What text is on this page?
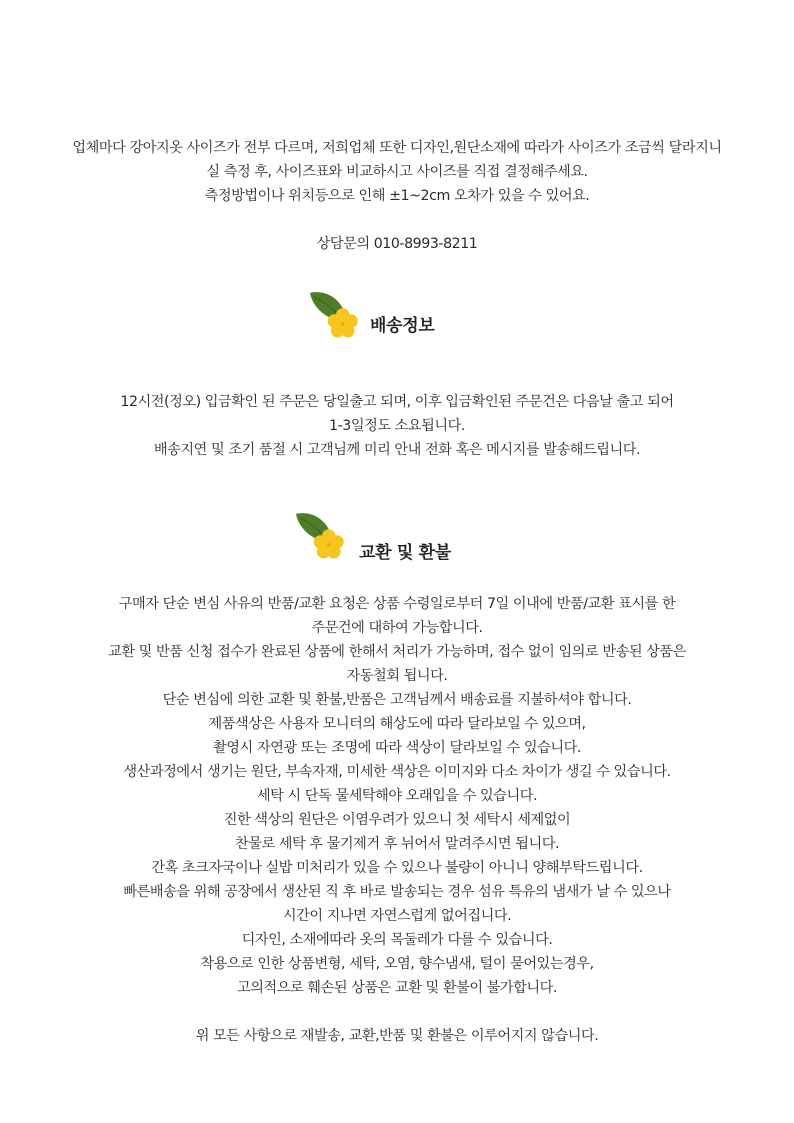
업체마다 강아지옷 사이즈가 전부 다르며, 저희업체 또한 디자인,원단소재에 따라가 사이즈가 조금씩 달라지니
실 측정 후, 사이즈표와 비교하시고 사이즈를 직접 결정해주세요.
측정방법이나 위치등으로 인해 ±1~2cm 오차가 있을 수 있어요.
상담문의 010-8993-8211
배송정보
12시전(정오) 입금확인 된 주문은 당일출고 되며, 이후 입금확인된 주문건은 다음날 출고 되어
1-3일정도 소요됩니다.
배송지연 및 조기 품절 시 고객님께 미리 안내 전화 혹은 메시지를 발송해드립니다.
교환 및 환불
구매자 단순 변심 사유의 반품/교환 요청은 상품 수령일로부터 7일 이내에 반품/교환 표시를 한
주문건에 대하여 가능합니다.
교환 및 반품 신청 접수가 완료된 상품에 한해서 처리가 가능하며, 접수 없이 임의로 반송된 상품은
자동철회 됩니다.
단순 변심에 의한 교환 및 환불,반품은 고객님께서 배송료를 지불하셔야 합니다.
제품색상은 사용자 모니터의 해상도에 따라 달라보일 수 있으며,
촬영시 자연광 또는 조명에 따라 색상이 달라보일 수 있습니다.
생산과정에서 생기는 원단, 부속자재, 미세한 색상은 이미지와 다소 차이가 생길 수 있습니다.
세탁 시 단독 물세탁해야 오래입을 수 있습니다.
진한 색상의 원단은 이염우려가 있으니 첫 세탁시 세제없이
찬물로 세탁 후 물기제거 후 뉘어서 말려주시면 됩니다.
간혹 초크자국이나 실밥 미처리가 있을 수 있으나 불량이 아니니 양해부탁드립니다.
빠른배송을 위해 공장에서 생산된 직 후 바로 발송되는 경우 섬유 특유의 냄새가 날 수 있으나
시간이 지나면 자연스럽게 없어집니다.
디자인, 소재에따라 옷의 목둘레가 다를 수 있습니다.
착용으로 인한 상품변형, 세탁, 오염, 향수냄새, 털이 묻어있는경우,
고의적으로 훼손된 상품은 교환 및 환불이 불가합니다.
위 모든 사항으로 재발송, 교환,반품 및 환불은 이루어지지 않습니다.
